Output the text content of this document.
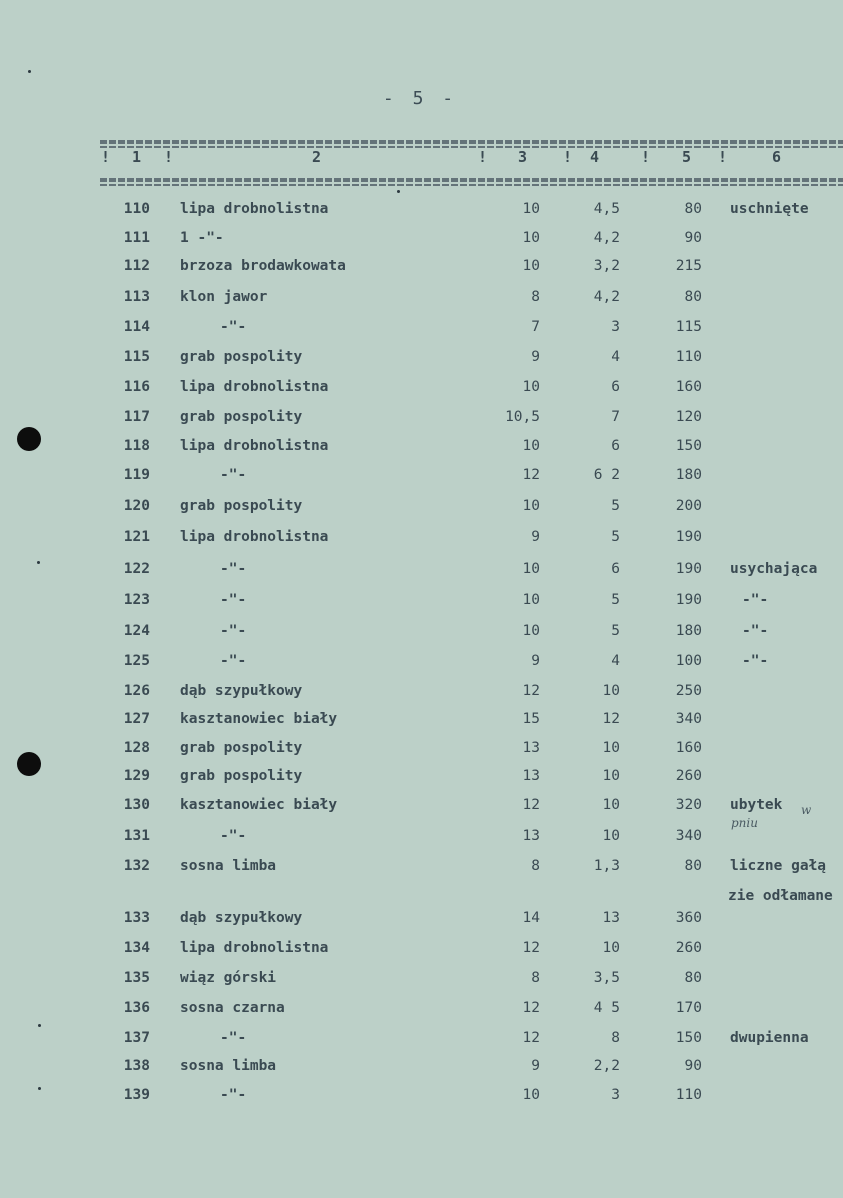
- 5 -
! 1 !	2	! 3 ! 4	! 5 !	6
110 lipa drobnolistna	10	4,5	80 uschnięte
111 1 -"-	10	4,2	90
112 brzoza brodawkowata	10	3,2	215
113 klon jawor	8	4,2	80
114	-"-	7	3	115
115 grab pospolity	9	4	110
116 lipa drobnolistna	10	6	160
117 grab pospolity	10,5	7	120
118 lipa drobnolistna	10	6	150
119	-"-	12	6 2	180
120 grab pospolity	10	5	200
121 lipa drobnolistna	9	5	190
122	-"-	10	6	190 usychająca
123	-"-	10	5	190	-"-
124	-"-	10	5	180	-"-
125	-"-	9	4	100	-"-
126 dąb szypułkowy	12	10	250
127 kasztanowiec biały	15	12	340
128 grab pospolity	13	10	160
129 grab pospolity	13	10	260
130 kasztanowiec biały	12	10	320 ubytek
131	-"-	13	10	340
132 sosna limba	8	1,3	80 liczne gałą
133 dąb szypułkowy	14	13	360
134 lipa drobnolistna	12	10	260
135 wiąz górski	8	3,5	80
136 sosna czarna	12	4 5	170
137	-"-	12	8	150 dwupienna
138 sosna limba	9	2,2	90
139	-"-	10	3	110
zie odłamane
w
pniu
